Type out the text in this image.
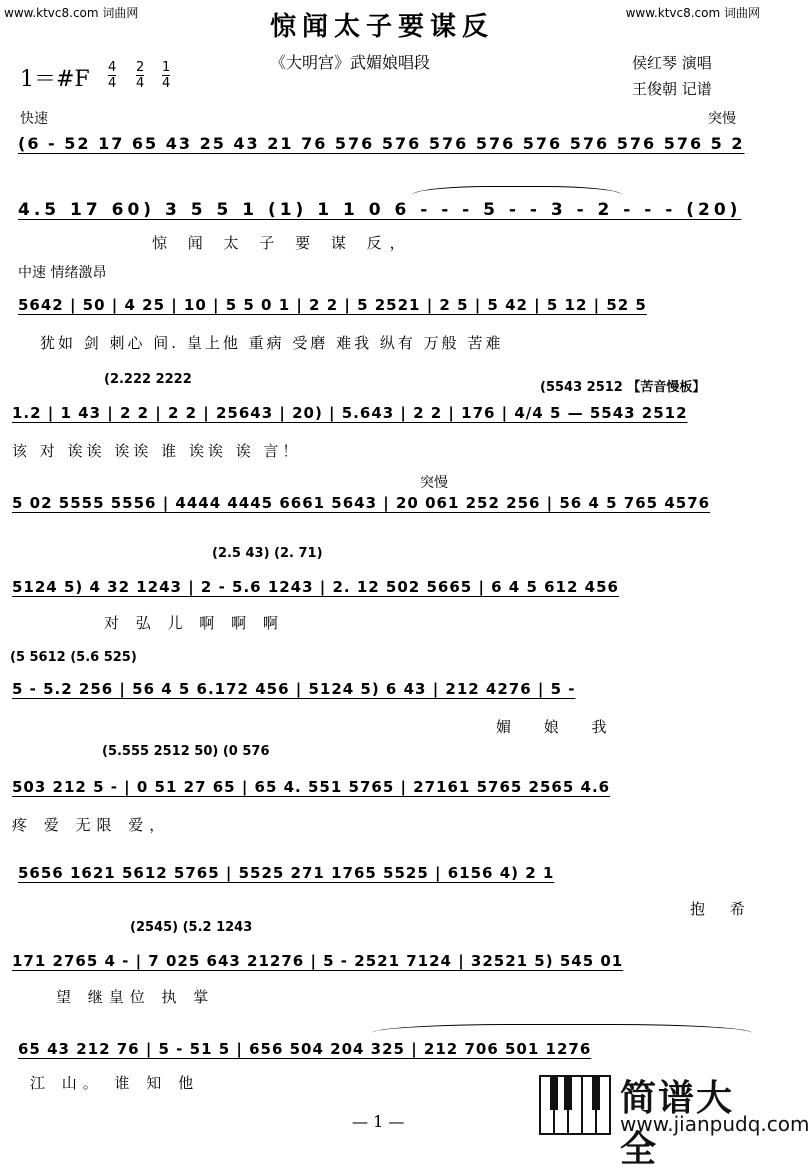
www.ktvc8.com 词曲网	www.ktvc8.com 词曲网
惊闻太子要谋反
《大明宫》武媚娘唱段	侯红琴 演唱
王俊朝 记谱
1＝#F 4
4
2
4
1
4
快速	突慢
(6 - 52 17 65 43 25 43 21 76 576 576 576 576 576 576 576 576 5 2
4.5 17 60) 3 5 5 1 (1) 1 1 0 6 - - - 5 - - 3 - 2 - - - (20)
惊 闻 太 子 要 谋 反，
中速 情绪激昂
5642 | 50 | 4 25 | 10 | 5 5 0 1 | 2 2 | 5 2521 | 2 5 | 5 42 | 5 12 | 52 5
犹如 剑 刺心 间. 皇上他 重病 受磨 难我 纵有 万般 苦难
(2.222 2222
(5543 2512 【苦音慢板】
1.2 | 1 43 | 2 2 | 2 2 | 25643 | 20) | 5.643 | 2 2 | 176 | 4/4 5 — 5543 2512
该 对 诶诶 诶诶 谁 诶诶 诶 言！
突慢
5 02 5555 5556 | 4444 4445 6661 5643 | 20 061 252 256 | 56 4 5 765 4576
(2.5 43) (2. 71)
5124 5) 4 32 1243 | 2 - 5.6 1243 | 2. 12 502 5665 | 6 4 5 612 456
对 弘 儿 啊 啊 啊
(5 5612 (5.6 525)
5 - 5.2 256 | 56 4 5 6.172 456 | 5124 5) 6 43 | 212 4276 | 5 -
媚 娘 我
(5.555 2512 50) (0 576
503 212 5 - | 0 51 27 65 | 65 4. 551 5765 | 27161 5765 2565 4.6
疼 爱 无限 爱，
5656 1621 5612 5765 | 5525 271 1765 5525 | 6156 4) 2 1
抱 希
(2545) (5.2 1243
171 2765 4 - | 7 025 643 21276 | 5 - 2521 7124 | 32521 5) 545 01
望 继皇位 执 掌
65 43 212 76 | 5 - 51 5 | 656 504 204 325 | 212 706 501 1276
江 山。 谁 知 他
— 1 —
简谱大全
www.jianpudq.com
